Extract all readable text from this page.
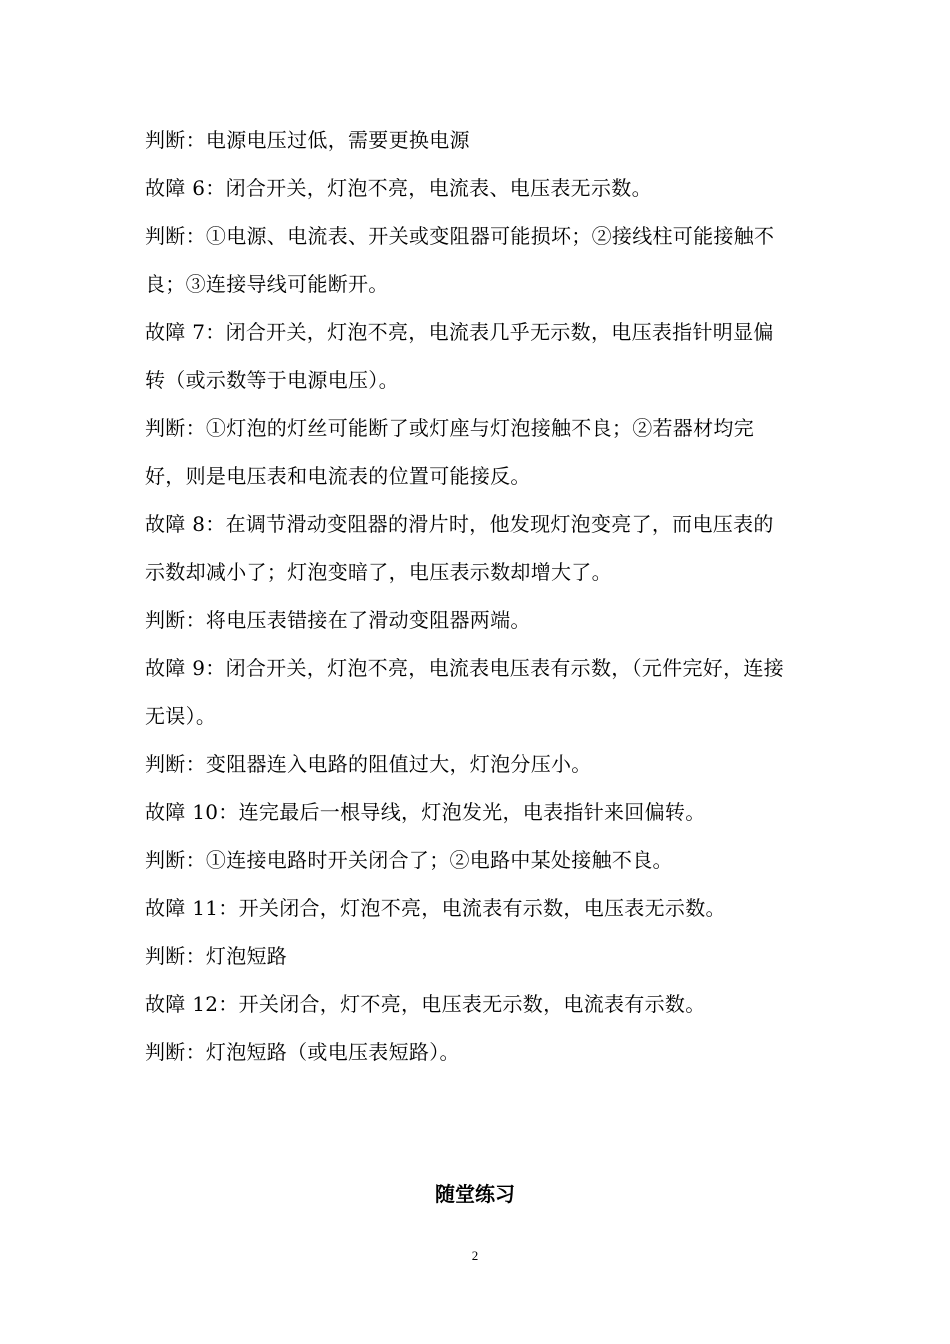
判断：电源电压过低，需要更换电源
故障 6：闭合开关，灯泡不亮，电流表、电压表无示数。
判断：①电源、电流表、开关或变阻器可能损坏；②接线柱可能接触不
良；③连接导线可能断开。
故障 7：闭合开关，灯泡不亮，电流表几乎无示数，电压表指针明显偏
转（或示数等于电源电压）。
判断：①灯泡的灯丝可能断了或灯座与灯泡接触不良；②若器材均完
好，则是电压表和电流表的位置可能接反。
故障 8：在调节滑动变阻器的滑片时，他发现灯泡变亮了，而电压表的
示数却减小了；灯泡变暗了，电压表示数却增大了。
判断：将电压表错接在了滑动变阻器两端。
故障 9：闭合开关，灯泡不亮，电流表电压表有示数，（元件完好，连接
无误）。
判断：变阻器连入电路的阻值过大，灯泡分压小。
故障 10：连完最后一根导线，灯泡发光，电表指针来回偏转。
判断：①连接电路时开关闭合了；②电路中某处接触不良。
故障 11：开关闭合，灯泡不亮，电流表有示数，电压表无示数。
判断：灯泡短路
故障 12：开关闭合，灯不亮，电压表无示数，电流表有示数。
判断：灯泡短路（或电压表短路）。
随堂练习
2
